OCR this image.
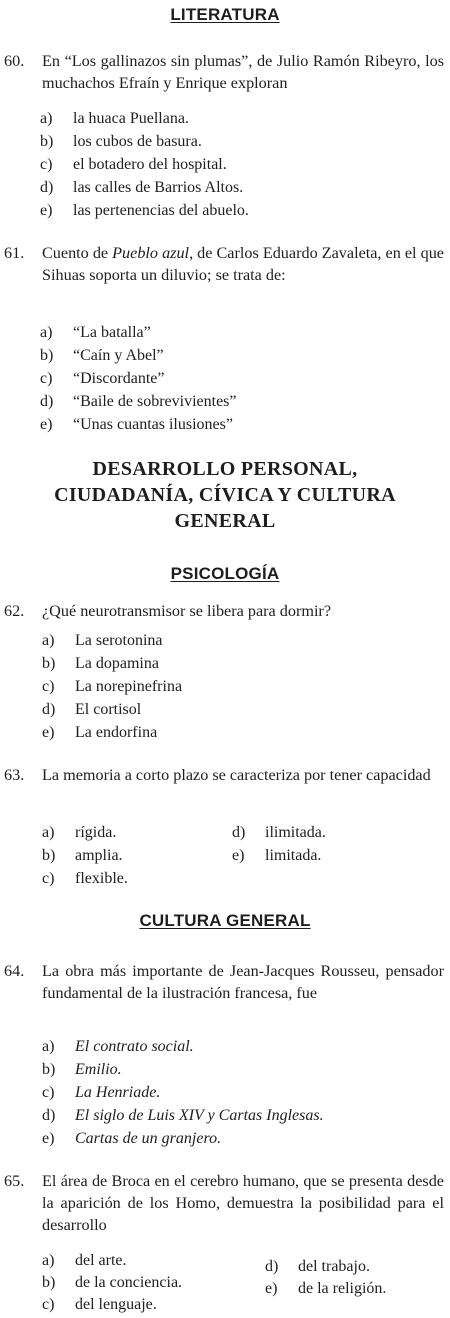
LITERATURA
60.	En “Los gallinazos sin plumas”, de Julio Ramón Ribeyro, los muchachos Efraín y Enrique exploran
a) la huaca Puellana.
b) los cubos de basura.
c) el botadero del hospital.
d) las calles de Barrios Altos.
e) las pertenencias del abuelo.
61.	Cuento de Pueblo azul, de Carlos Eduardo Zavaleta, en el que Sihuas soporta un diluvio; se trata de:
a) “La batalla”
b) “Caín y Abel”
c) “Discordante”
d) “Baile de sobrevivientes”
e) “Unas cuantas ilusiones”
DESARROLLO PERSONAL,
CIUDADANÍA, CÍVICA Y CULTURA
GENERAL
PSICOLOGÍA
62.	¿Qué neurotransmisor se libera para dormir?
a) La serotonina
b) La dopamina
c) La norepinefrina
d) El cortisol
e) La endorfina
63.	La memoria a corto plazo se caracteriza por tener capacidad
a) rígida.
b) amplia.
c) flexible.
d) ilimitada.
e) limitada.
CULTURA GENERAL
64.	La obra más importante de Jean-Jacques Rousseu, pensador fundamental de la ilustración francesa, fue
a) El contrato social.
b) Emilio.
c) La Henriade.
d) El siglo de Luis XIV y Cartas Inglesas.
e) Cartas de un granjero.
65.	El área de Broca en el cerebro humano, que se presenta desde la aparición de los Homo, demuestra la posibilidad para el desarrollo
a) del arte.
b) de la conciencia.
c) del lenguaje.
d) del trabajo.
e) de la religión.
